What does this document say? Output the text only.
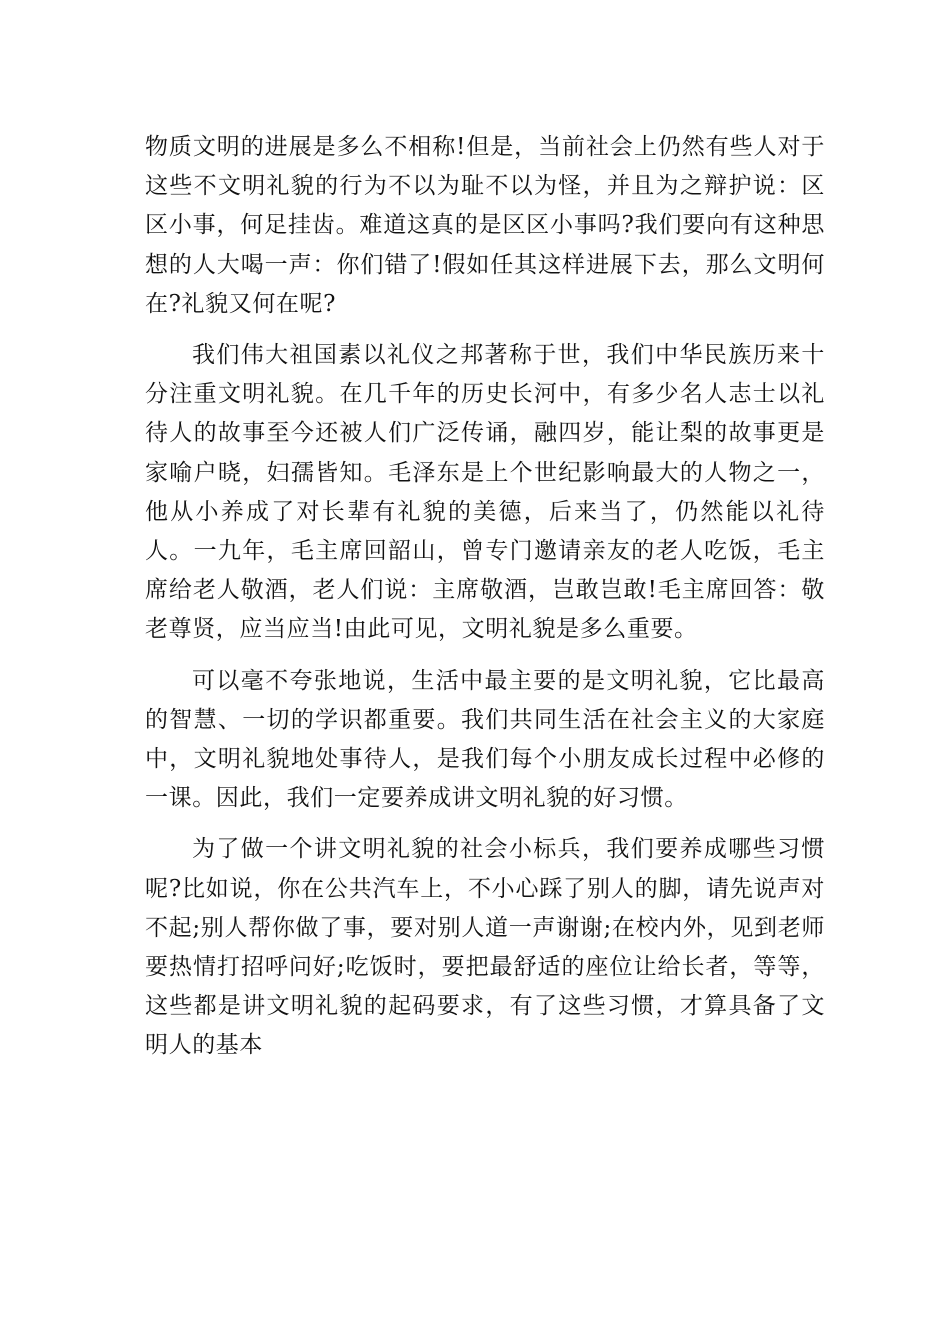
物质文明的进展是多么不相称!但是，当前社会上仍然有些人对于这些不文明礼貌的行为不以为耻不以为怪，并且为之辩护说：区区小事，何足挂齿。难道这真的是区区小事吗?我们要向有这种思想的人大喝一声：你们错了!假如任其这样进展下去，那么文明何在?礼貌又何在呢?

我们伟大祖国素以礼仪之邦著称于世，我们中华民族历来十分注重文明礼貌。在几千年的历史长河中，有多少名人志士以礼待人的故事至今还被人们广泛传诵，融四岁，能让梨的故事更是家喻户晓，妇孺皆知。毛泽东是上个世纪影响最大的人物之一，他从小养成了对长辈有礼貌的美德，后来当了，仍然能以礼待人。一九年，毛主席回韶山，曾专门邀请亲友的老人吃饭，毛主席给老人敬酒，老人们说：主席敬酒，岂敢岂敢!毛主席回答：敬老尊贤，应当应当!由此可见，文明礼貌是多么重要。

可以毫不夸张地说，生活中最主要的是文明礼貌，它比最高的智慧、一切的学识都重要。我们共同生活在社会主义的大家庭中，文明礼貌地处事待人，是我们每个小朋友成长过程中必修的一课。因此，我们一定要养成讲文明礼貌的好习惯。

为了做一个讲文明礼貌的社会小标兵，我们要养成哪些习惯呢?比如说，你在公共汽车上，不小心踩了别人的脚，请先说声对不起;别人帮你做了事，要对别人道一声谢谢;在校内外，见到老师要热情打招呼问好;吃饭时，要把最舒适的座位让给长者，等等，这些都是讲文明礼貌的起码要求，有了这些习惯，才算具备了文明人的基本
